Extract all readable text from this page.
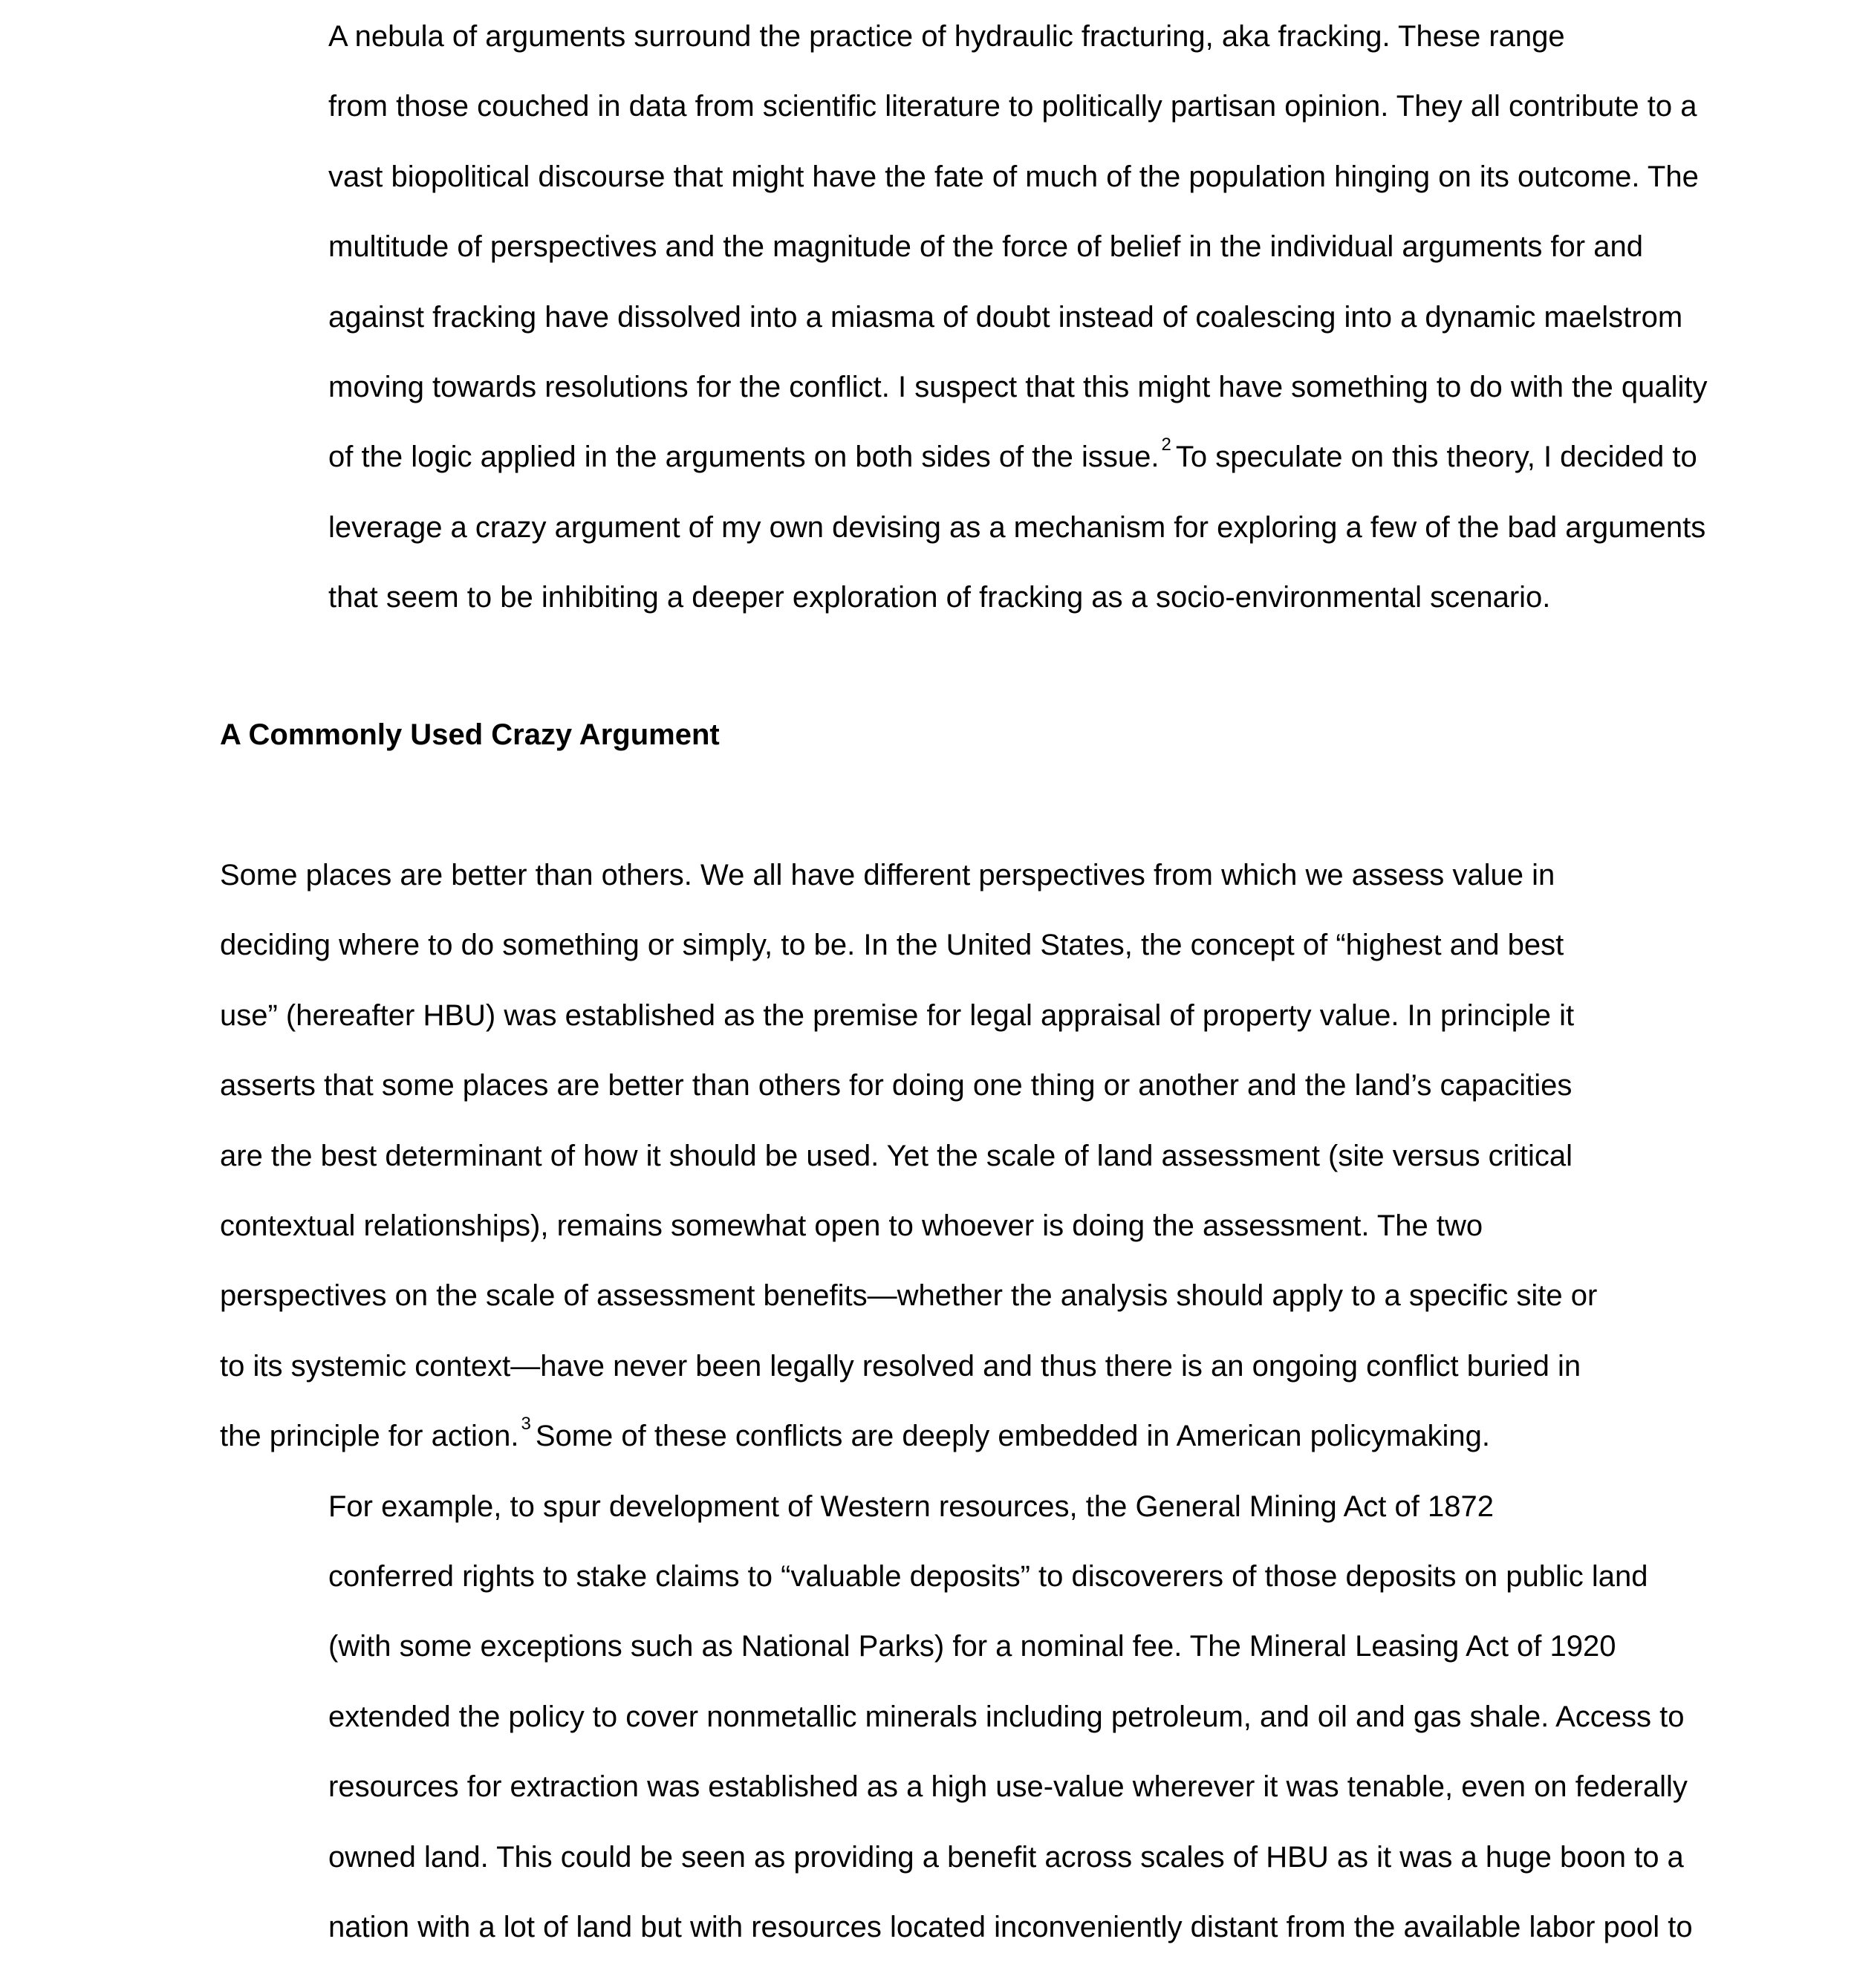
A nebula of arguments surround the practice of hydraulic fracturing, aka fracking. These range
from those couched in data from scientific literature to politically partisan opinion. They all contribute to a
vast biopolitical discourse that might have the fate of much of the population hinging on its outcome. The
multitude of perspectives and the magnitude of the force of belief in the individual arguments for and
against fracking have dissolved into a miasma of doubt instead of coalescing into a dynamic maelstrom
moving towards resolutions for the conflict. I suspect that this might have something to do with the quality
of the logic applied in the arguments on both sides of the issue. $^2$ To speculate on this theory, I decided to
leverage a crazy argument of my own devising as a mechanism for exploring a few of the bad arguments
that seem to be inhibiting a deeper exploration of fracking as a socio-environmental scenario.

A Commonly Used Crazy Argument

Some places are better than others. We all have different perspectives from which we assess value in
deciding where to do something or simply, to be. In the United States, the concept of “highest and best
use” (hereafter HBU) was established as the premise for legal appraisal of property value. In principle it
asserts that some places are better than others for doing one thing or another and the land’s capacities
are the best determinant of how it should be used. Yet the scale of land assessment (site versus critical
contextual relationships), remains somewhat open to whoever is doing the assessment. The two
perspectives on the scale of assessment benefits—whether the analysis should apply to a specific site or
to its systemic context—have never been legally resolved and thus there is an ongoing conflict buried in
the principle for action. $^3$ Some of these conflicts are deeply embedded in American policymaking.

For example, to spur development of Western resources, the General Mining Act of 1872
conferred rights to stake claims to “valuable deposits” to discoverers of those deposits on public land
(with some exceptions such as National Parks) for a nominal fee. The Mineral Leasing Act of 1920
extended the policy to cover nonmetallic minerals including petroleum, and oil and gas shale. Access to
resources for extraction was established as a high use-value wherever it was tenable, even on federally
owned land. This could be seen as providing a benefit across scales of HBU as it was a huge boon to a
nation with a lot of land but with resources located inconveniently distant from the available labor pool to
